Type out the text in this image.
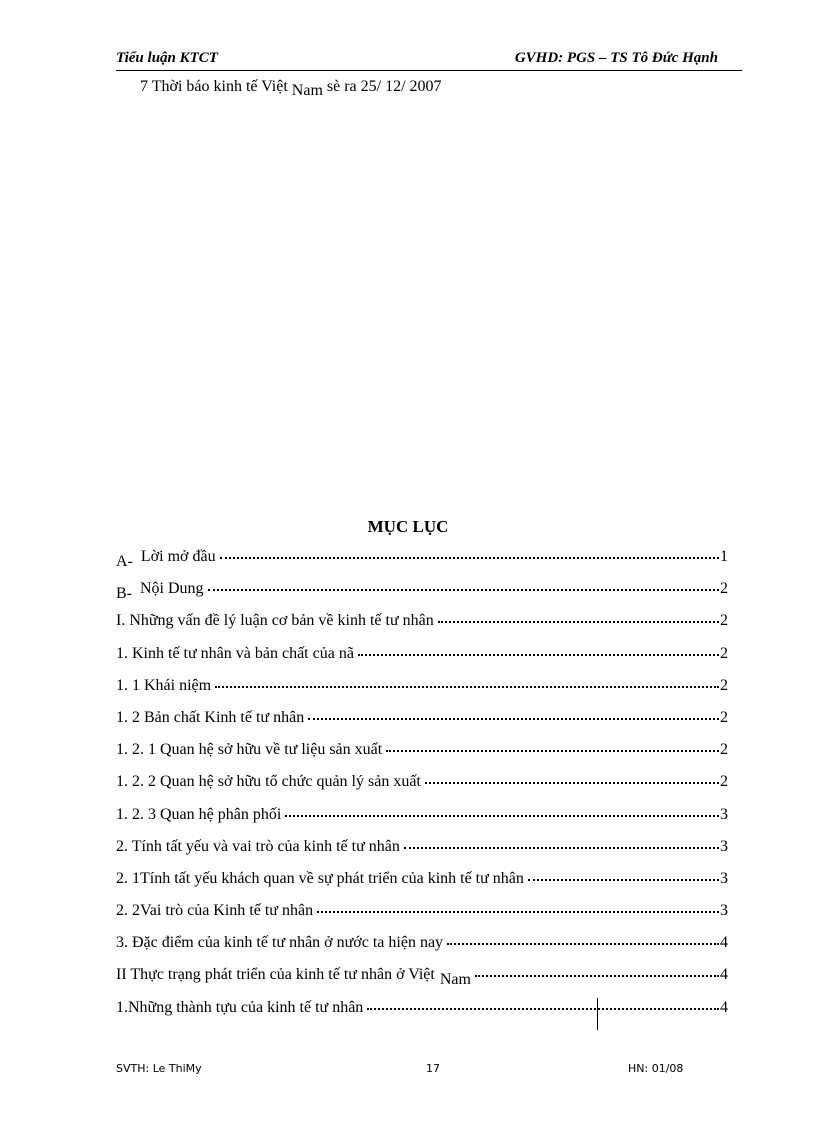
Tiểu luận KTCT	GVHD: PGS – TS Tô Đức Hạnh
7 Thời báo kinh tế Việt Nam sè ra 25/ 12/ 2007
MỤC LỤC
A- Lời mở đầu	1
B- Nội Dung	2
I. Những vấn đề lý luận cơ bản về kinh tế tư nhân	2
1. Kinh tế tư nhân và bản chất của nã	2
1. 1 Khái niệm	2
1. 2 Bản chất Kinh tế tư nhân	2
1. 2. 1 Quan hệ sở hữu về tư liệu sản xuất	2
1. 2. 2 Quan hệ sở hữu tổ chức quản lý sản xuất	2
1. 2. 3 Quan hệ phân phối	3
2. Tính tất yếu và vai trò của kinh tế tư nhân	3
2. 1Tính tất yếu khách quan về sự phát triển của kinh tế tư nhân	3
2. 2Vai trò của Kinh tế tư nhân	3
3. Đặc điểm của kinh tế tư nhân ở nước ta hiện nay	4
II Thực trạng phát triển của kinh tế tư nhân ở Việt Nam	4
1.Những thành tựu của kinh tế tư nhân	4
SVTH: Le ThiMy	17	HN: 01/08
